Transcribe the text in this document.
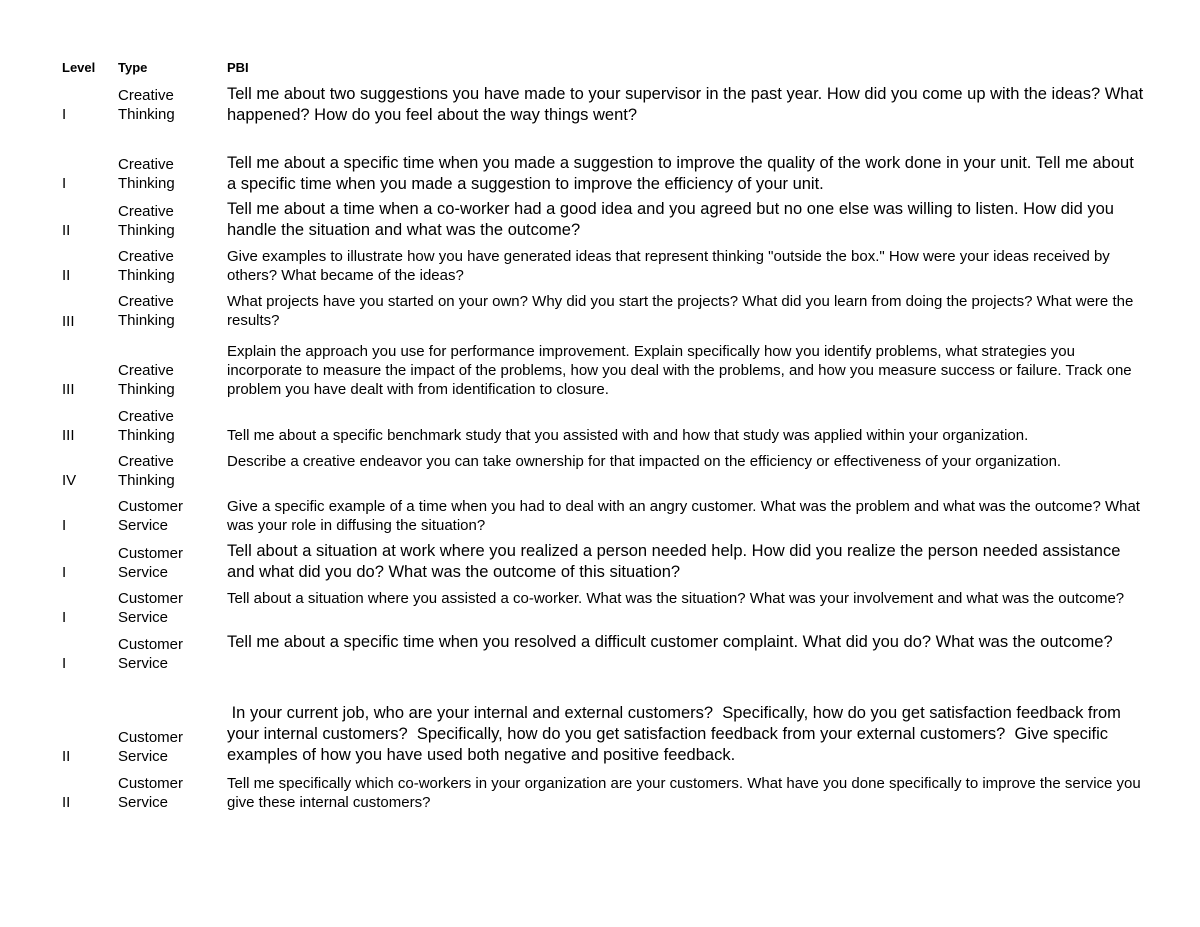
Level Type	PBI
I
Creative
Thinking
Tell me about two suggestions you have made to your supervisor in the past year. How did you come up with the ideas? What happened? How do you feel about the way things went?
I
Creative
Thinking
Tell me about a specific time when you made a suggestion to improve the quality of the work done in your unit. Tell me about a specific time when you made a suggestion to improve the efficiency of your unit.
II
Creative
Thinking
Tell me about a time when a co-worker had a good idea and you agreed but no one else was willing to listen. How did you handle the situation and what was the outcome?
II
Creative
Thinking
Give examples to illustrate how you have generated ideas that represent thinking "outside the box." How were your ideas received by others? What became of the ideas?
III
Creative
Thinking
What projects have you started on your own? Why did you start the projects? What did you learn from doing the projects? What were the results?
III
Creative
Thinking
Explain the approach you use for performance improvement. Explain specifically how you identify problems, what strategies you incorporate to measure the impact of the problems, how you deal with the problems, and how you measure success or failure. Track one problem you have dealt with from identification to closure.
III
Creative
Thinking	Tell me about a specific benchmark study that you assisted with and how that study was applied within your organization.
IV
Creative
Thinking
Describe a creative endeavor you can take ownership for that impacted on the efficiency or effectiveness of your organization.
I
Customer
Service
Give a specific example of a time when you had to deal with an angry customer. What was the problem and what was the outcome? What was your role in diffusing the situation?
I
Customer
Service
Tell about a situation at work where you realized a person needed help. How did you realize the person needed assistance and what did you do? What was the outcome of this situation?
I
Customer
Service
Tell about a situation where you assisted a co-worker. What was the situation? What was your involvement and what was the outcome?
I
Customer
Service
Tell me about a specific time when you resolved a difficult customer complaint. What did you do? What was the outcome?
II
Customer
Service
In your current job, who are your internal and external customers?  Specifically, how do you get satisfaction feedback from your internal customers?  Specifically, how do you get satisfaction feedback from your external customers?  Give specific examples of how you have used both negative and positive feedback.
II
Customer
Service
Tell me specifically which co-workers in your organization are your customers. What have you done specifically to improve the service you give these internal customers?
